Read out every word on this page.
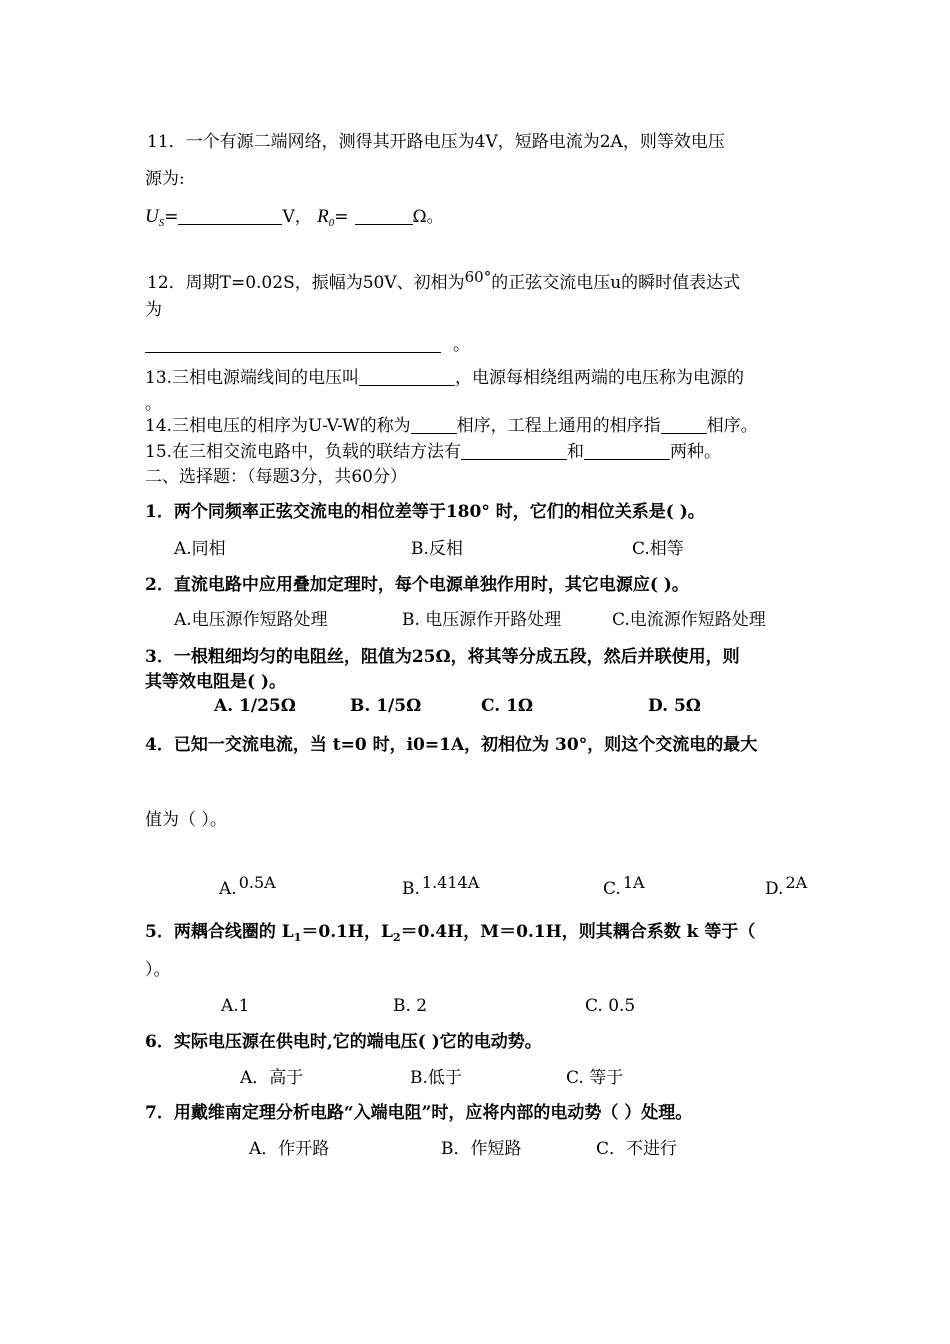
11．一个有源二端网络，测得其开路电压为4V，短路电流为2A，则等效电压
源为:
$U_S=$	V， $R_0=$	Ω。
12．周期T=0.02S，振幅为50V、初相为60°的正弦交流电压u的瞬时值表达式
为
。
13.三相电源端线间的电压叫	，电源每相绕组两端的电压称为电源的
。
14.三相电压的相序为U-V-W的称为	相序，工程上通用的相序指	相序。
15.在三相交流电路中，负载的联结方法有	和	两种。
二、选择题：（每题3分，共60分）
1．两个同频率正弦交流电的相位差等于180° 时，它们的相位关系是( )。
A.同相	B.反相	C.相等
2．直流电路中应用叠加定理时，每个电源单独作用时，其它电源应( )。
A.电压源作短路处理	B. 电压源作开路处理	C.电流源作短路处理
3．一根粗细均匀的电阻丝，阻值为25Ω，将其等分成五段，然后并联使用，则
其等效电阻是( )。
A. 1/25Ω	B. 1/5Ω	C. 1Ω	D. 5Ω
4．已知一交流电流，当 t=0 时，i0=1A，初相位为 30°，则这个交流电的最大
值为（ ）。
A. 0.5A	B. 1.414A	C. 1A	D. 2A
5．两耦合线圈的 $L_1=0.1H$，$L_2=0.4H$，M＝0.1H，则其耦合系数 k 等于（
）。
A.1	B. 2	C. 0.5
6．实际电压源在供电时,它的端电压( )它的电动势。
A．高于	B.低于	C. 等于
7．用戴维南定理分析电路“入端电阻”时，应将内部的电动势（ ）处理。
A．作开路	B．作短路	C．不进行
